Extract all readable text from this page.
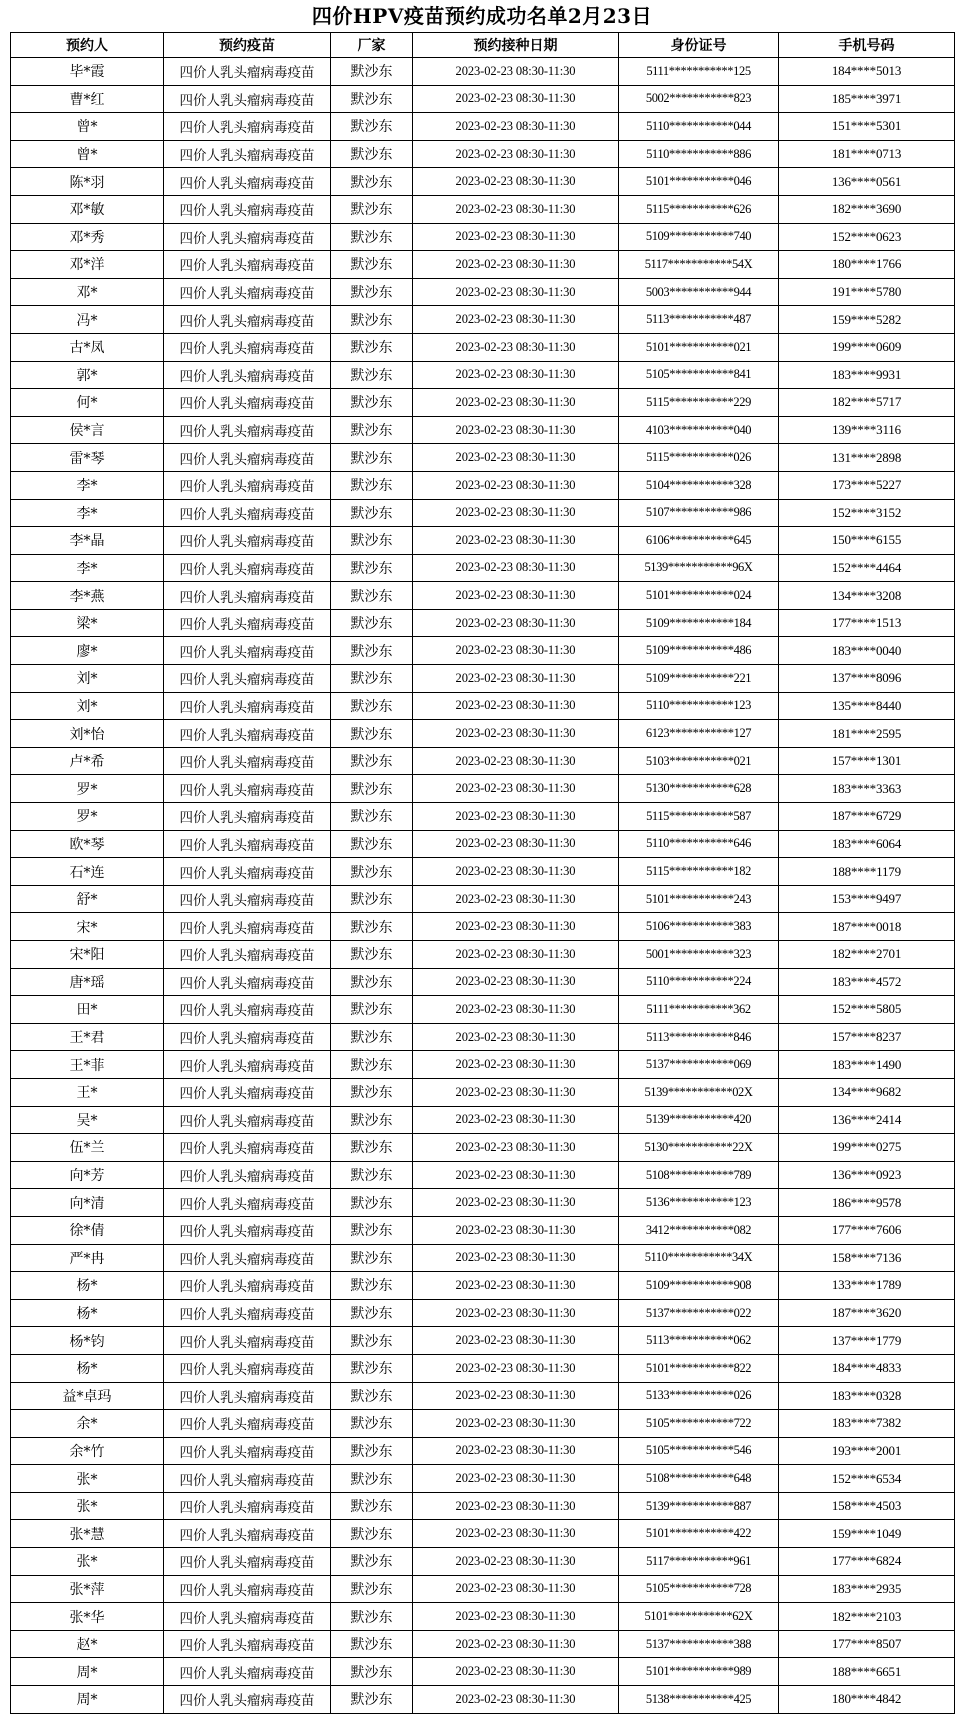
四价HPV疫苗预约成功名单2月23日
预约人	预约疫苗	厂家	预约接种日期	身份证号	手机号码
毕*霞	四价人乳头瘤病毒疫苗	默沙东	2023-02-23 08:30-11:30	5111***********125	184****5013
曹*红	四价人乳头瘤病毒疫苗	默沙东	2023-02-23 08:30-11:30	5002***********823	185****3971
曾*	四价人乳头瘤病毒疫苗	默沙东	2023-02-23 08:30-11:30	5110***********044	151****5301
曾*	四价人乳头瘤病毒疫苗	默沙东	2023-02-23 08:30-11:30	5110***********886	181****0713
陈*羽	四价人乳头瘤病毒疫苗	默沙东	2023-02-23 08:30-11:30	5101***********046	136****0561
邓*敏	四价人乳头瘤病毒疫苗	默沙东	2023-02-23 08:30-11:30	5115***********626	182****3690
邓*秀	四价人乳头瘤病毒疫苗	默沙东	2023-02-23 08:30-11:30	5109***********740	152****0623
邓*洋	四价人乳头瘤病毒疫苗	默沙东	2023-02-23 08:30-11:30	5117***********54X	180****1766
邓*	四价人乳头瘤病毒疫苗	默沙东	2023-02-23 08:30-11:30	5003***********944	191****5780
冯*	四价人乳头瘤病毒疫苗	默沙东	2023-02-23 08:30-11:30	5113***********487	159****5282
古*凤	四价人乳头瘤病毒疫苗	默沙东	2023-02-23 08:30-11:30	5101***********021	199****0609
郭*	四价人乳头瘤病毒疫苗	默沙东	2023-02-23 08:30-11:30	5105***********841	183****9931
何*	四价人乳头瘤病毒疫苗	默沙东	2023-02-23 08:30-11:30	5115***********229	182****5717
侯*言	四价人乳头瘤病毒疫苗	默沙东	2023-02-23 08:30-11:30	4103***********040	139****3116
雷*琴	四价人乳头瘤病毒疫苗	默沙东	2023-02-23 08:30-11:30	5115***********026	131****2898
李*	四价人乳头瘤病毒疫苗	默沙东	2023-02-23 08:30-11:30	5104***********328	173****5227
李*	四价人乳头瘤病毒疫苗	默沙东	2023-02-23 08:30-11:30	5107***********986	152****3152
李*晶	四价人乳头瘤病毒疫苗	默沙东	2023-02-23 08:30-11:30	6106***********645	150****6155
李*	四价人乳头瘤病毒疫苗	默沙东	2023-02-23 08:30-11:30	5139***********96X	152****4464
李*燕	四价人乳头瘤病毒疫苗	默沙东	2023-02-23 08:30-11:30	5101***********024	134****3208
梁*	四价人乳头瘤病毒疫苗	默沙东	2023-02-23 08:30-11:30	5109***********184	177****1513
廖*	四价人乳头瘤病毒疫苗	默沙东	2023-02-23 08:30-11:30	5109***********486	183****0040
刘*	四价人乳头瘤病毒疫苗	默沙东	2023-02-23 08:30-11:30	5109***********221	137****8096
刘*	四价人乳头瘤病毒疫苗	默沙东	2023-02-23 08:30-11:30	5110***********123	135****8440
刘*怡	四价人乳头瘤病毒疫苗	默沙东	2023-02-23 08:30-11:30	6123***********127	181****2595
卢*希	四价人乳头瘤病毒疫苗	默沙东	2023-02-23 08:30-11:30	5103***********021	157****1301
罗*	四价人乳头瘤病毒疫苗	默沙东	2023-02-23 08:30-11:30	5130***********628	183****3363
罗*	四价人乳头瘤病毒疫苗	默沙东	2023-02-23 08:30-11:30	5115***********587	187****6729
欧*琴	四价人乳头瘤病毒疫苗	默沙东	2023-02-23 08:30-11:30	5110***********646	183****6064
石*连	四价人乳头瘤病毒疫苗	默沙东	2023-02-23 08:30-11:30	5115***********182	188****1179
舒*	四价人乳头瘤病毒疫苗	默沙东	2023-02-23 08:30-11:30	5101***********243	153****9497
宋*	四价人乳头瘤病毒疫苗	默沙东	2023-02-23 08:30-11:30	5106***********383	187****0018
宋*阳	四价人乳头瘤病毒疫苗	默沙东	2023-02-23 08:30-11:30	5001***********323	182****2701
唐*瑶	四价人乳头瘤病毒疫苗	默沙东	2023-02-23 08:30-11:30	5110***********224	183****4572
田*	四价人乳头瘤病毒疫苗	默沙东	2023-02-23 08:30-11:30	5111***********362	152****5805
王*君	四价人乳头瘤病毒疫苗	默沙东	2023-02-23 08:30-11:30	5113***********846	157****8237
王*菲	四价人乳头瘤病毒疫苗	默沙东	2023-02-23 08:30-11:30	5137***********069	183****1490
王*	四价人乳头瘤病毒疫苗	默沙东	2023-02-23 08:30-11:30	5139***********02X	134****9682
吴*	四价人乳头瘤病毒疫苗	默沙东	2023-02-23 08:30-11:30	5139***********420	136****2414
伍*兰	四价人乳头瘤病毒疫苗	默沙东	2023-02-23 08:30-11:30	5130***********22X	199****0275
向*芳	四价人乳头瘤病毒疫苗	默沙东	2023-02-23 08:30-11:30	5108***********789	136****0923
向*清	四价人乳头瘤病毒疫苗	默沙东	2023-02-23 08:30-11:30	5136***********123	186****9578
徐*倩	四价人乳头瘤病毒疫苗	默沙东	2023-02-23 08:30-11:30	3412***********082	177****7606
严*冉	四价人乳头瘤病毒疫苗	默沙东	2023-02-23 08:30-11:30	5110***********34X	158****7136
杨*	四价人乳头瘤病毒疫苗	默沙东	2023-02-23 08:30-11:30	5109***********908	133****1789
杨*	四价人乳头瘤病毒疫苗	默沙东	2023-02-23 08:30-11:30	5137***********022	187****3620
杨*钧	四价人乳头瘤病毒疫苗	默沙东	2023-02-23 08:30-11:30	5113***********062	137****1779
杨*	四价人乳头瘤病毒疫苗	默沙东	2023-02-23 08:30-11:30	5101***********822	184****4833
益*卓玛	四价人乳头瘤病毒疫苗	默沙东	2023-02-23 08:30-11:30	5133***********026	183****0328
余*	四价人乳头瘤病毒疫苗	默沙东	2023-02-23 08:30-11:30	5105***********722	183****7382
余*竹	四价人乳头瘤病毒疫苗	默沙东	2023-02-23 08:30-11:30	5105***********546	193****2001
张*	四价人乳头瘤病毒疫苗	默沙东	2023-02-23 08:30-11:30	5108***********648	152****6534
张*	四价人乳头瘤病毒疫苗	默沙东	2023-02-23 08:30-11:30	5139***********887	158****4503
张*慧	四价人乳头瘤病毒疫苗	默沙东	2023-02-23 08:30-11:30	5101***********422	159****1049
张*	四价人乳头瘤病毒疫苗	默沙东	2023-02-23 08:30-11:30	5117***********961	177****6824
张*萍	四价人乳头瘤病毒疫苗	默沙东	2023-02-23 08:30-11:30	5105***********728	183****2935
张*华	四价人乳头瘤病毒疫苗	默沙东	2023-02-23 08:30-11:30	5101***********62X	182****2103
赵*	四价人乳头瘤病毒疫苗	默沙东	2023-02-23 08:30-11:30	5137***********388	177****8507
周*	四价人乳头瘤病毒疫苗	默沙东	2023-02-23 08:30-11:30	5101***********989	188****6651
周*	四价人乳头瘤病毒疫苗	默沙东	2023-02-23 08:30-11:30	5138***********425	180****4842
